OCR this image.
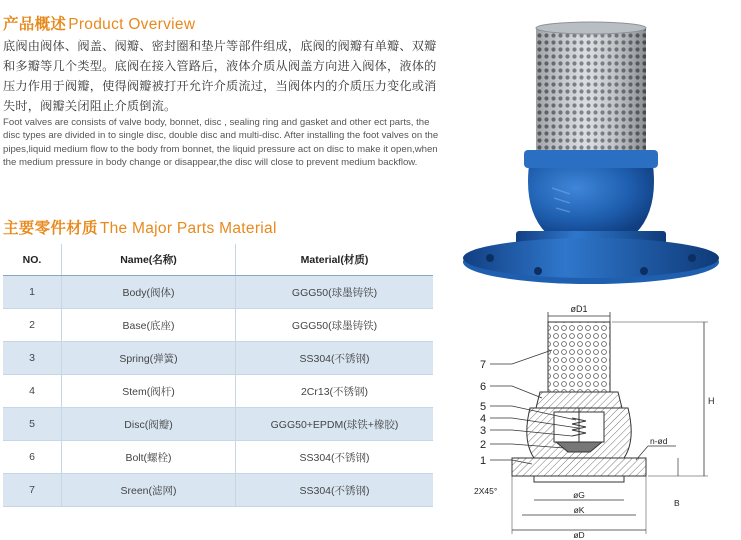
产品概述 Product Overview
底阀由阀体、阀盖、阀瓣、密封圈和垫片等部件组成，底阀的阀瓣有单瓣、双瓣和多瓣等几个类型。底阀在接入管路后，液体介质从阀盖方向进入阀体，液体的压力作用于阀瓣，使得阀瓣被打开允许介质流过，当阀体内的介质压力变化或消失时，阀瓣关闭阻止介质倒流。
Foot valves are consists of valve body, bonnet, disc , sealing ring and gasket and other ect parts, the disc types are divided in to single disc, double disc and multi-disc. After installing the foot valves on the pipes,liquid medium flow to the body from bonnet, the liquid pressure act on disc to make it open,when the medium pressure in body change or disappear,the disc will close to prevent medium backflow.
主要零件材质 The Major Parts Material
NO.	Name(名称)	Material(材质)
1	Body(阀体)	GGG50(球墨铸铁)
2	Base(底座)	GGG50(球墨铸铁)
3	Spring(弹簧)	SS304(不锈钢)
4	Stem(阀杆)	2Cr13(不锈钢)
5	Disc(阀瓣)	GGG50+EPDM(球铁+橡胶)
6	Bolt(螺栓)	SS304(不锈钢)
7	Sreen(滤网)	SS304(不锈钢)
øD1
H
n-ød
B
2X45°	øG
øK
øD
7
6
5
4
3
2
1
